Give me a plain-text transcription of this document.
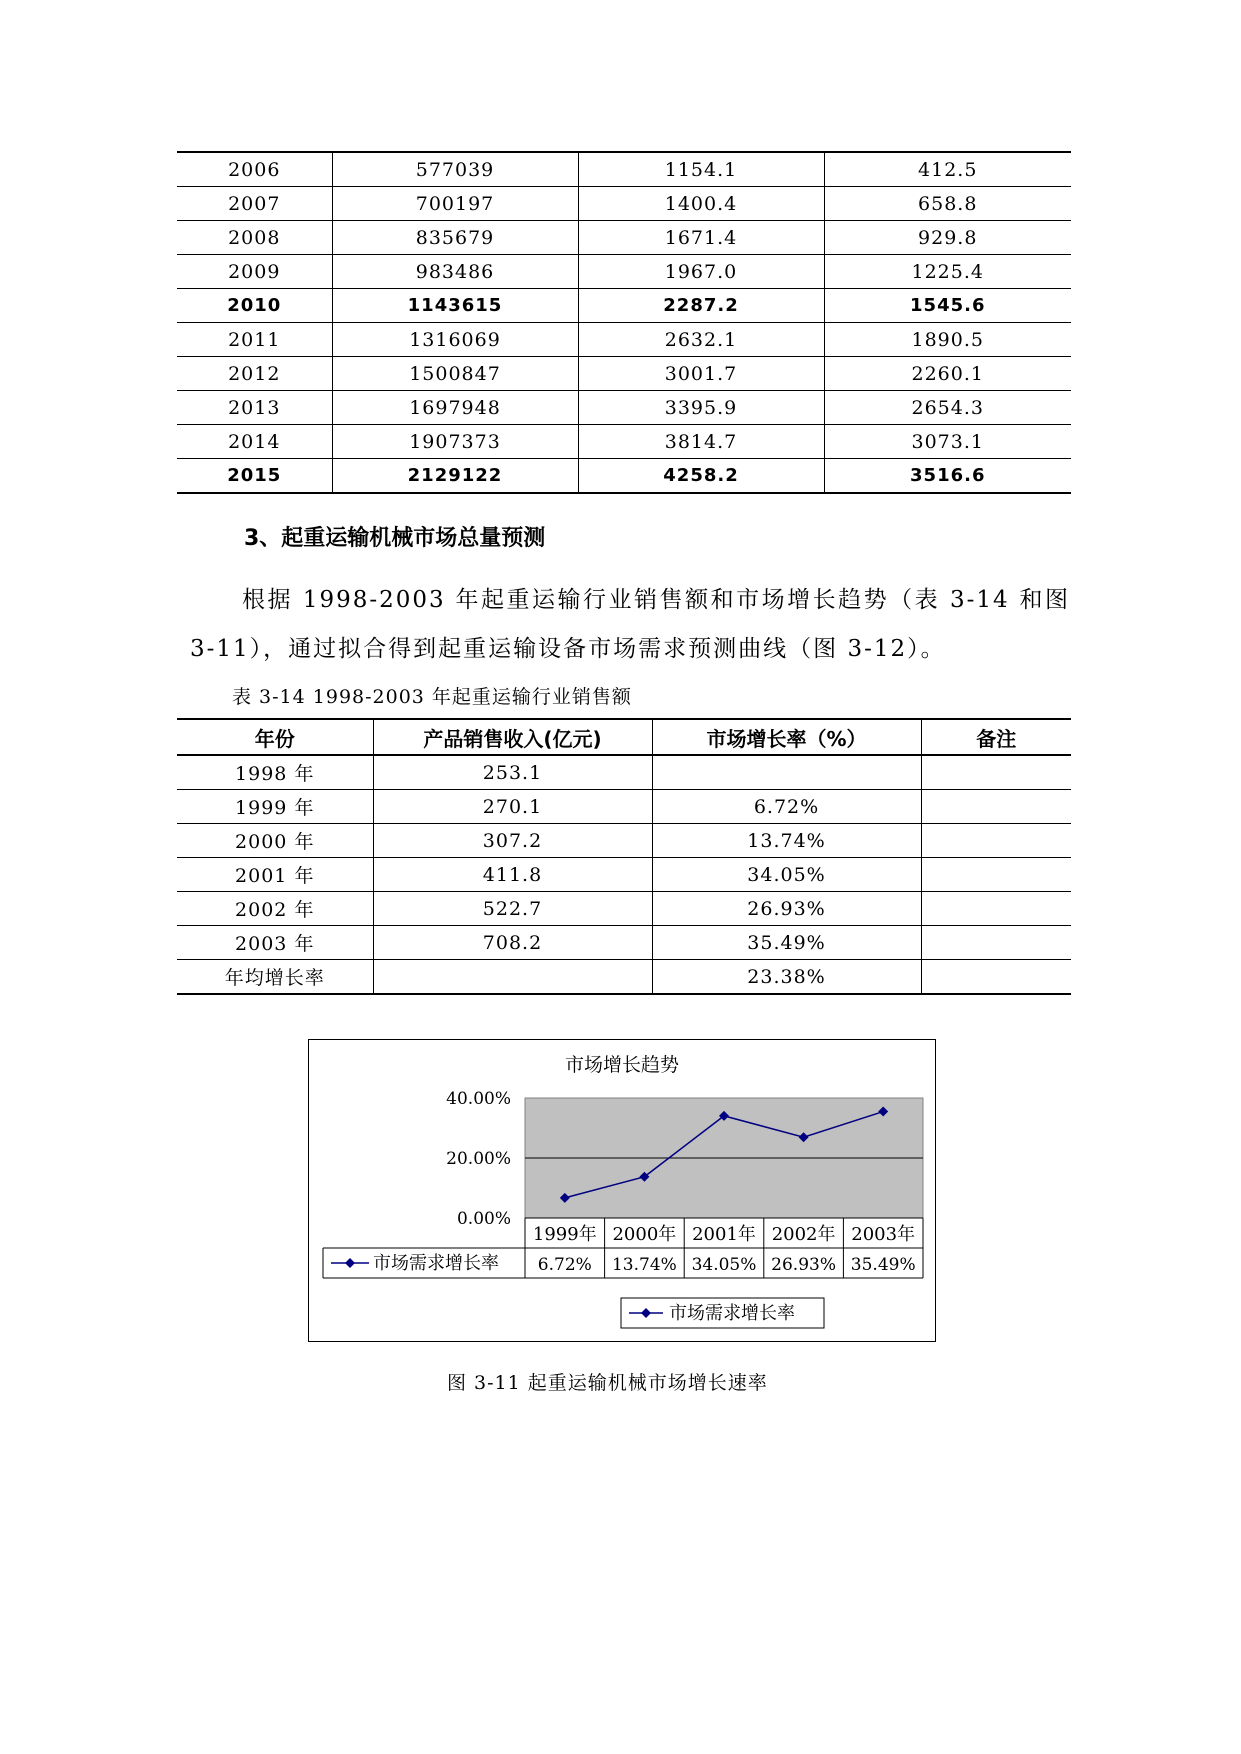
2006	577039	1154.1	412.5
2007	700197	1400.4	658.8
2008	835679	1671.4	929.8
2009	983486	1967.0	1225.4
2010	1143615	2287.2	1545.6
2011	1316069	2632.1	1890.5
2012	1500847	3001.7	2260.1
2013	1697948	3395.9	2654.3
2014	1907373	3814.7	3073.1
2015	2129122	4258.2	3516.6
3、起重运输机械市场总量预测
根据 1998-2003 年起重运输行业销售额和市场增长趋势（表 3-14 和图 3-11），通过拟合得到起重运输设备市场需求预测曲线（图 3-12）。
表 3-14 1998-2003 年起重运输行业销售额
年份	产品销售收入(亿元)	市场增长率（%）	备注
1998 年	253.1		
1999 年	270.1	6.72%	
2000 年	307.2	13.74%	
2001 年	411.8	34.05%	
2002 年	522.7	26.93%	
2003 年	708.2	35.49%	
年均增长率		23.38%	
市场增长趋势
40.00%
20.00%
0.00%
1999年 2000年 2001年 2002年 2003年
6.72% 13.74% 34.05% 26.93% 35.49%
市场需求增长率
市场需求增长率
图 3-11 起重运输机械市场增长速率
